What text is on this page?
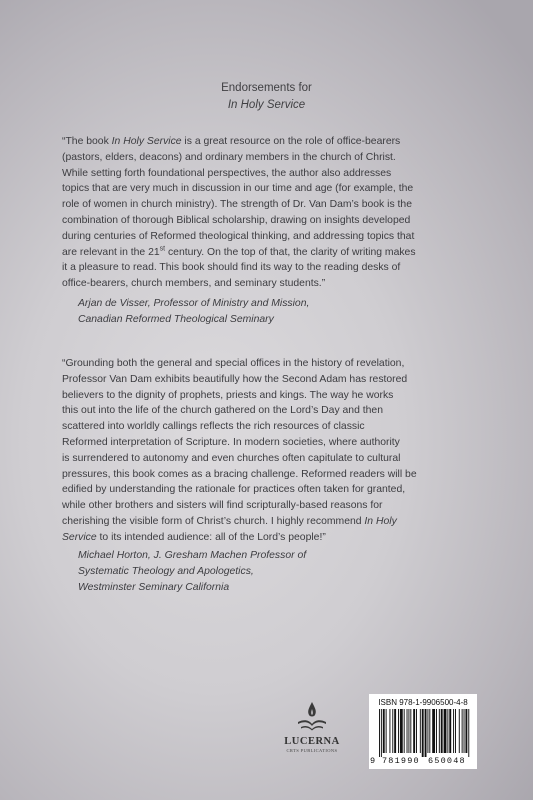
Endorsements for
In Holy Service
“The book In Holy Service is a great resource on the role of office-bearers
(pastors, elders, deacons) and ordinary members in the church of Christ.
While setting forth foundational perspectives, the author also addresses
topics that are very much in discussion in our time and age (for example, the
role of women in church ministry). The strength of Dr. Van Dam’s book is the
combination of thorough Biblical scholarship, drawing on insights developed
during centuries of Reformed theological thinking, and addressing topics that
are relevant in the 21st century. On the top of that, the clarity of writing makes
it a pleasure to read. This book should find its way to the reading desks of
office-bearers, church members, and seminary students.”
Arjan de Visser, Professor of Ministry and Mission,
Canadian Reformed Theological Seminary
“Grounding both the general and special offices in the history of revelation,
Professor Van Dam exhibits beautifully how the Second Adam has restored
believers to the dignity of prophets, priests and kings. The way he works
this out into the life of the church gathered on the Lord’s Day and then
scattered into worldly callings reflects the rich resources of classic
Reformed interpretation of Scripture. In modern societies, where authority
is surrendered to autonomy and even churches often capitulate to cultural
pressures, this book comes as a bracing challenge. Reformed readers will be
edified by understanding the rationale for practices often taken for granted,
while other brothers and sisters will find scripturally-based reasons for
cherishing the visible form of Christ’s church. I highly recommend In Holy
Service to its intended audience: all of the Lord’s people!”
Michael Horton, J. Gresham Machen Professor of
Systematic Theology and Apologetics,
Westminster Seminary California
LUCERNA
CRTS PUBLICATIONS
ISBN 978-1-9906500-4-8
9 781990 650048
